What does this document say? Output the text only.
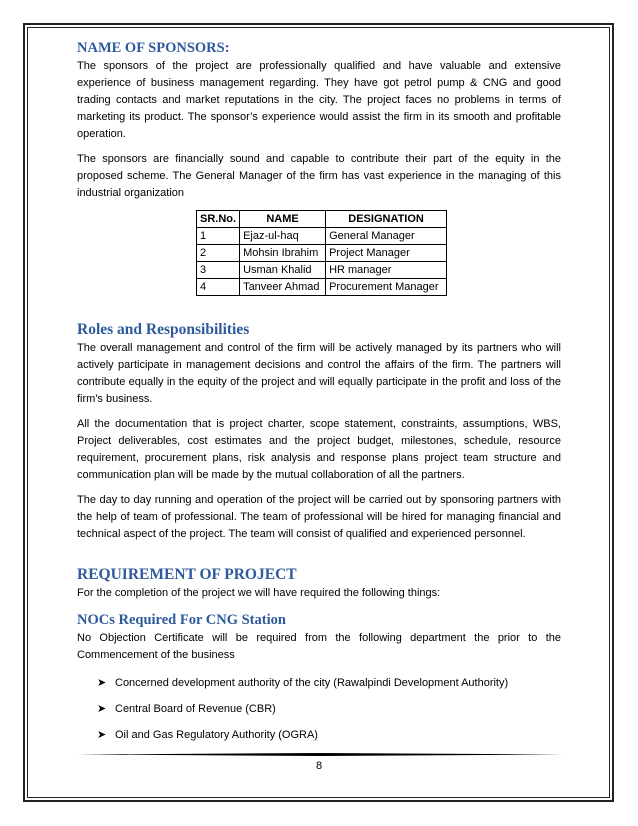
NAME OF SPONSORS:

The sponsors of the project are professionally qualified and have valuable and extensive experience of business management regarding. They have got petrol pump & CNG and good trading contacts and market reputations in the city. The project faces no problems in terms of marketing its product. The sponsor’s experience would assist the firm in its smooth and profitable operation.

The sponsors are financially sound and capable to contribute their part of the equity in the proposed scheme. The General Manager of the firm has vast experience in the managing of this industrial organization

SR.No.	NAME	DESIGNATION
1	Ejaz-ul-haq	General Manager
2	Mohsin Ibrahim	Project Manager
3	Usman Khalid	HR manager
4	Tanveer Ahmad	Procurement Manager
Roles and Responsibilities

The overall management and control of the firm will be actively managed by its partners who will actively participate in management decisions and control the affairs of the firm. The partners will contribute equally in the equity of the project and will equally participate in the profit and loss of the firm's business.

All the documentation that is project charter, scope statement, constraints, assumptions, WBS, Project deliverables, cost estimates and the project budget, milestones, schedule, resource requirement, procurement plans, risk analysis and response plans project team structure and communication plan will be made by the mutual collaboration of all the partners.

The day to day running and operation of the project will be carried out by sponsoring partners with the help of team of professional. The team of professional will be hired for managing financial and technical aspect of the project. The team will consist of qualified and experienced personnel.

REQUIREMENT OF PROJECT

For the completion of the project we will have required the following things:

NOCs Required For CNG Station

No Objection Certificate will be required from the following department the prior to the Commencement of the business

➤ Concerned development authority of the city (Rawalpindi Development Authority)
➤ Central Board of Revenue (CBR)
➤ Oil and Gas Regulatory Authority (OGRA)
8
